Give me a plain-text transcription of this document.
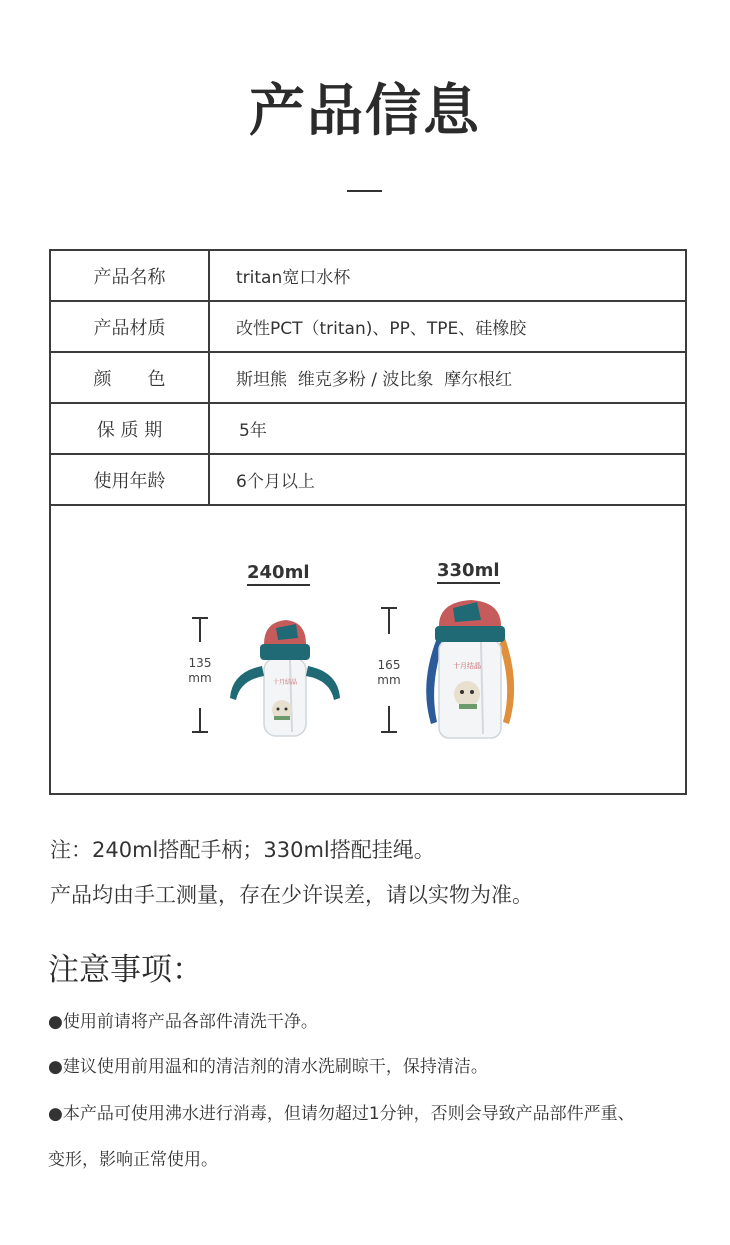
产品信息
产品名称	tritan宽口水杯
产品材质	改性PCT（tritan)、PP、TPE、硅橡胶
颜　　色	斯坦熊  维克多粉 / 波比象  摩尔根红
保 质 期	5年
使用年龄	6个月以上
240ml
135
mm	十月结晶
330ml
165
mm
十月结晶
注：240ml搭配手柄；330ml搭配挂绳。
产品均由手工测量，存在少许误差，请以实物为准。
注意事项：
●使用前请将产品各部件清洗干净。
●建议使用前用温和的清洁剂的清水洗刷晾干，保持清洁。
●本产品可使用沸水进行消毒，但请勿超过1分钟，否则会导致产品部件严重、
变形，影响正常使用。
